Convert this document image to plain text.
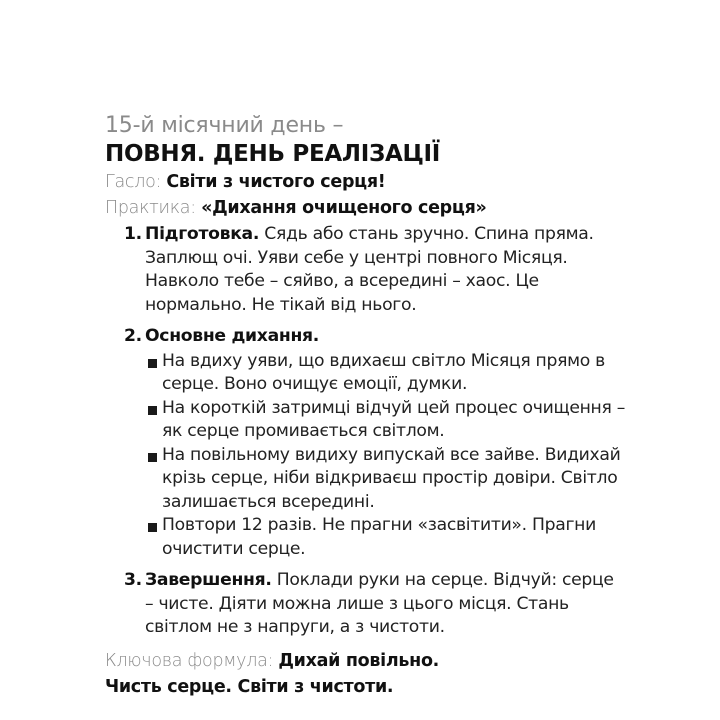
15-й місячний день –
ПОВНЯ. ДЕНЬ РЕАЛІЗАЦІЇ
Гасло: Світи з чистого серця!
Практика: «Дихання очищеного серця»
1. Підготовка. Сядь або стань зручно. Спина пряма. Заплющ очі. Уяви себе у центрі повного Місяця. Навколо тебе – сяйво, а всередині – хаос. Це нормально. Не тікай від нього.
2. Основне дихання.
На вдиху уяви, що вдихаєш світло Місяця прямо в серце. Воно очищує емоції, думки.
На короткій затримці відчуй цей процес очищення – як серце промивається світлом.
На повільному видиху випускай все зайве. Видихай крізь серце, ніби відкриваєш простір довіри. Світло залишається всередині.
Повтори 12 разів. Не прагни «засвітити». Прагни очистити серце.
3. Завершення. Поклади руки на серце. Відчуй: серце – чисте. Діяти можна лише з цього місця. Стань світлом не з напруги, а з чистоти.
Ключова формула: Дихай повільно.
Чисть серце. Світи з чистоти.
